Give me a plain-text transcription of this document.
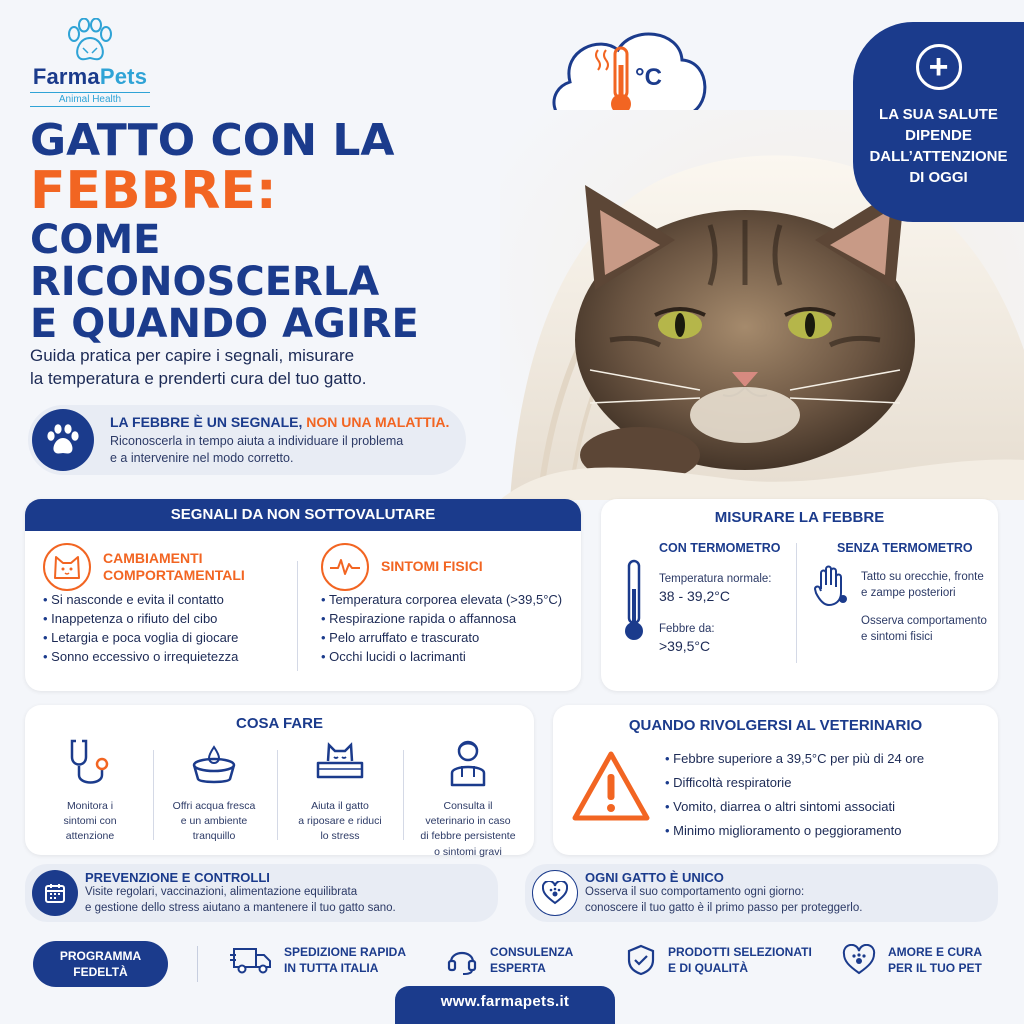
FarmaPets
Animal Health
GATTO CON LA
FEBBRE:
COME RICONOSCERLA
E QUANDO AGIRE
Guida pratica per capire i segnali, misurare
la temperatura e prenderti cura del tuo gatto.
LA FEBBRE È UN SEGNALE, NON UNA MALATTIA.
Riconoscerla in tempo aiuta a individuare il problema
e a intervenire nel modo corretto.
°C	+
LA SUA SALUTE
DIPENDE
DALL’ATTENZIONE
DI OGGI
SEGNALI DA NON SOTTOVALUTARE
CAMBIAMENTI
COMPORTAMENTALI
• Si nasconde e evita il contatto
• Inappetenza o rifiuto del cibo
• Letargia e poca voglia di giocare
• Sonno eccessivo o irrequietezza
SINTOMI FISICI
• Temperatura corporea elevata (>39,5°C)
• Respirazione rapida o affannosa
• Pelo arruffato e trascurato
• Occhi lucidi o lacrimanti
MISURARE LA FEBBRE
CON TERMOMETRO
Temperatura normale:
38 - 39,2°C
Febbre da:
>39,5°C
SENZA TERMOMETRO
Tatto su orecchie, fronte
e zampe posteriori
Osserva comportamento
e sintomi fisici
COSA FARE
Monitora i
sintomi con
attenzione
Offri acqua fresca
e un ambiente
tranquillo
Aiuta il gatto
a riposare e riduci
lo stress
Consulta il
veterinario in caso
di febbre persistente
o sintomi gravi
QUANDO RIVOLGERSI AL VETERINARIO
• Febbre superiore a 39,5°C per più di 24 ore
• Difficoltà respiratorie
• Vomito, diarrea o altri sintomi associati
• Minimo miglioramento o peggioramento
PREVENZIONE E CONTROLLI
Visite regolari, vaccinazioni, alimentazione equilibrata
e gestione dello stress aiutano a mantenere il tuo gatto sano.
OGNI GATTO È UNICO
Osserva il suo comportamento ogni giorno:
conoscere il tuo gatto è il primo passo per proteggerlo.
PROGRAMMA
FEDELTÀ
SPEDIZIONE RAPIDA
IN TUTTA ITALIA
CONSULENZA
ESPERTA
PRODOTTI SELEZIONATI
E DI QUALITÀ
AMORE E CURA
PER IL TUO PET
www.farmapets.it
